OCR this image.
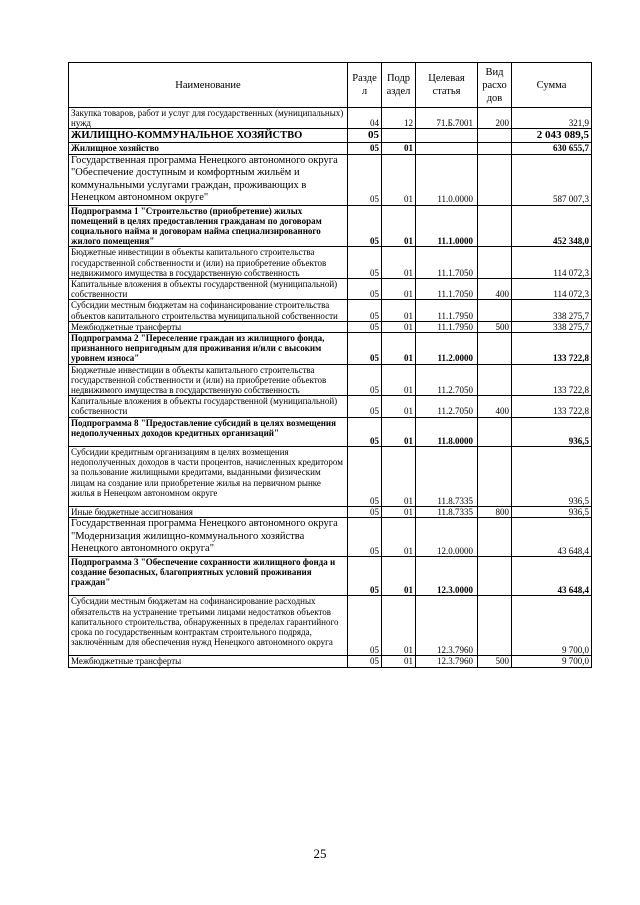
Наименование	Разде л	Подр аздел	Целевая статья	Вид расхо дов	Сумма
Закупка товаров, работ и услуг для государственных (муниципальных) нужд	04	12	71.Б.7001	200	321,9
ЖИЛИЩНО-КОММУНАЛЬНОЕ ХОЗЯЙСТВО	05				2 043 089,5
Жилищное хозяйство	05	01			630 655,7
Государственная программа Ненецкого автономного округа "Обеспечение доступным и комфортным жильём и коммунальными услугами граждан, проживающих в Ненецком автономном округе"	05	01	11.0.0000		587 007,3
Подпрограмма 1 "Строительство (приобретение) жилых помещений в целях предоставления гражданам по договорам социального найма и договорам найма специализированного жилого помещения"	05	01	11.1.0000		452 348,0
Бюджетные инвестиции в объекты капитального строительства государственной собственности и (или) на приобретение объектов недвижимого имущества в государственную собственность	05	01	11.1.7050		114 072,3
Капитальные вложения в объекты государственной (муниципальной) собственности	05	01	11.1.7050	400	114 072,3
Субсидии местным бюджетам на софинансирование строительства объектов капитального строительства муниципальной собственности	05	01	11.1.7950		338 275,7
Межбюджетные трансферты	05	01	11.1.7950	500	338 275,7
Подпрограмма 2 "Переселение граждан из жилищного фонда, признанного непригодным для проживания и/или с высоким уровнем износа"	05	01	11.2.0000		133 722,8
Бюджетные инвестиции в объекты капитального строительства государственной собственности и (или) на приобретение объектов недвижимого имущества в государственную собственность	05	01	11.2.7050		133 722,8
Капитальные вложения в объекты государственной (муниципальной) собственности	05	01	11.2.7050	400	133 722,8
Подпрограмма 8 "Предоставление субсидий в целях возмещения недополученных доходов кредитных организаций"	05	01	11.8.0000		936,5
Субсидии кредитным организациям в целях возмещения недополученных доходов в части процентов, начисленных кредитором за пользование жилищными кредитами, выданными физическим лицам на создание или приобретение жилья на первичном рынке жилья в Ненецком автономном округе	05	01	11.8.7335		936,5
Иные бюджетные ассигнования	05	01	11.8.7335	800	936,5
Государственная программа Ненецкого автономного округа "Модернизация жилищно-коммунального хозяйства Ненецкого автономного округа"	05	01	12.0.0000		43 648,4
Подпрограмма 3 "Обеспечение сохранности жилищного фонда и создание безопасных, благоприятных условий проживания граждан"	05	01	12.3.0000		43 648,4
Субсидии местным бюджетам на софинансирование расходных обязательств на устранение третьими лицами недостатков объектов капитального строительства, обнаруженных в пределах гарантийного срока по государственным контрактам строительного подряда, заключённым для обеспечения нужд Ненецкого автономного округа	05	01	12.3.7960		9 700,0
Межбюджетные трансферты	05	01	12.3.7960	500	9 700,0
25
